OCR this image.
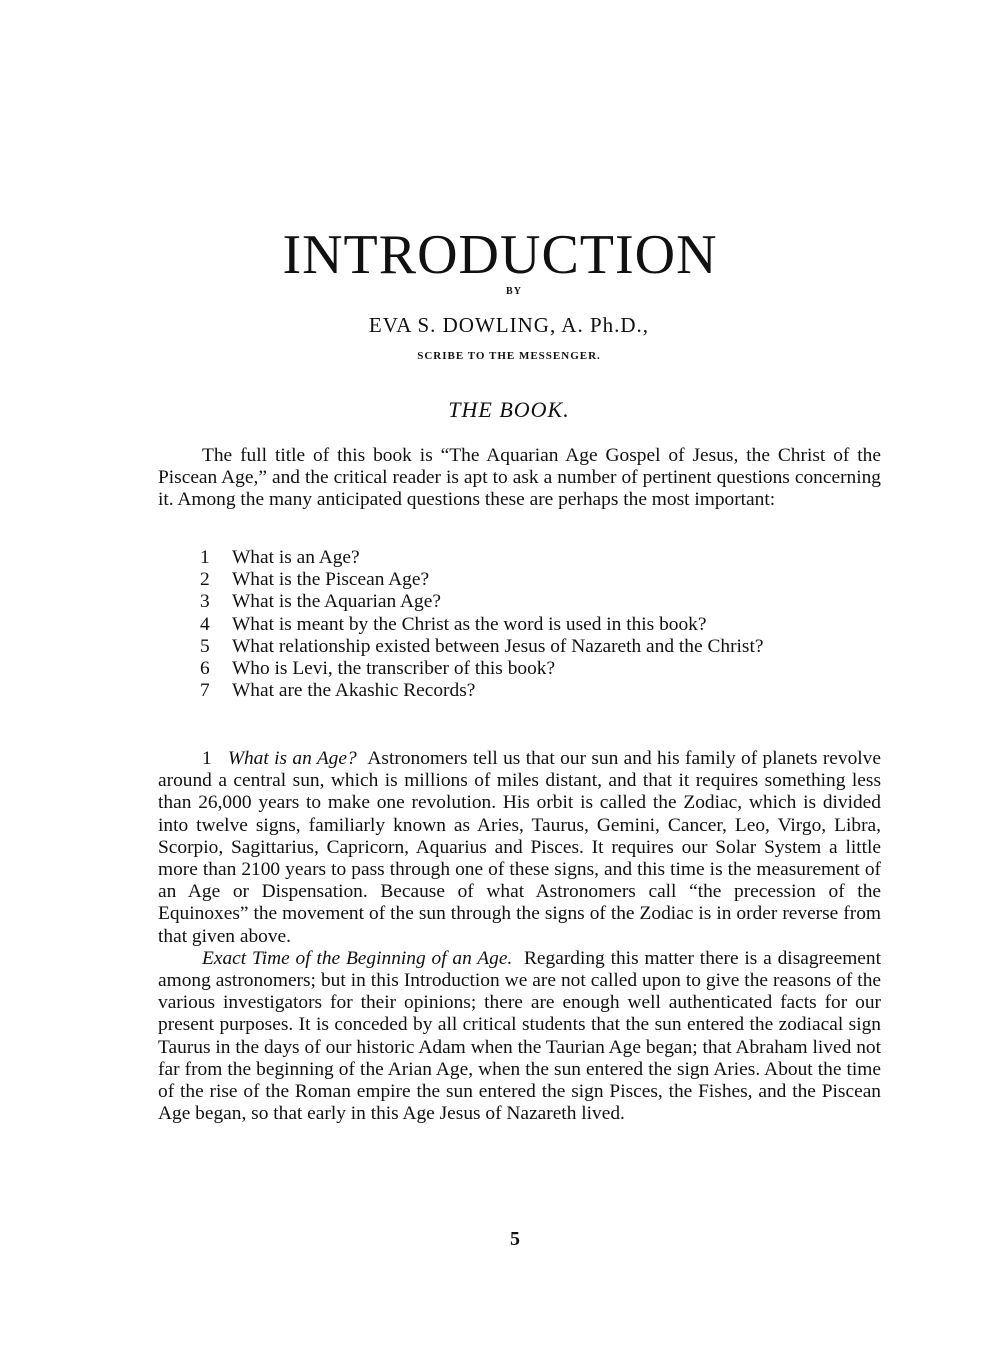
INTRODUCTION
BY
EVA S. DOWLING, A. Ph.D.,
SCRIBE TO THE MESSENGER.
THE BOOK.

The full title of this book is “The Aquarian Age Gospel of Jesus, the Christ of the Piscean Age,” and the critical reader is apt to ask a number of pertinent questions concerning it. Among the many anticipated questions these are perhaps the most important:

1 What is an Age?

2 What is the Piscean Age?

3 What is the Aquarian Age?

4 What is meant by the Christ as the word is used in this book?

5 What relationship existed between Jesus of Nazareth and the Christ?

6 Who is Levi, the transcriber of this book?

7 What are the Akashic Records?

1 What is an Age? Astronomers tell us that our sun and his family of planets revolve around a central sun, which is millions of miles distant, and that it requires something less than 26,000 years to make one revolution. His orbit is called the Zodiac, which is divided into twelve signs, familiarly known as Aries, Taurus, Gemini, Cancer, Leo, Virgo, Libra, Scorpio, Sagittarius, Capricorn, Aquarius and Pisces. It requires our Solar System a little more than 2100 years to pass through one of these signs, and this time is the measurement of an Age or Dispensation. Because of what Astronomers call “the precession of the Equinoxes” the movement of the sun through the signs of the Zodiac is in order reverse from that given above.

Exact Time of the Beginning of an Age. Regarding this matter there is a disagreement among astronomers; but in this Introduction we are not called upon to give the reasons of the various investigators for their opinions; there are enough well authenticated facts for our present purposes. It is conceded by all critical students that the sun entered the zodiacal sign Taurus in the days of our historic Adam when the Taurian Age began; that Abraham lived not far from the beginning of the Arian Age, when the sun entered the sign Aries. About the time of the rise of the Roman empire the sun entered the sign Pisces, the Fishes, and the Piscean Age began, so that early in this Age Jesus of Nazareth lived.

5
